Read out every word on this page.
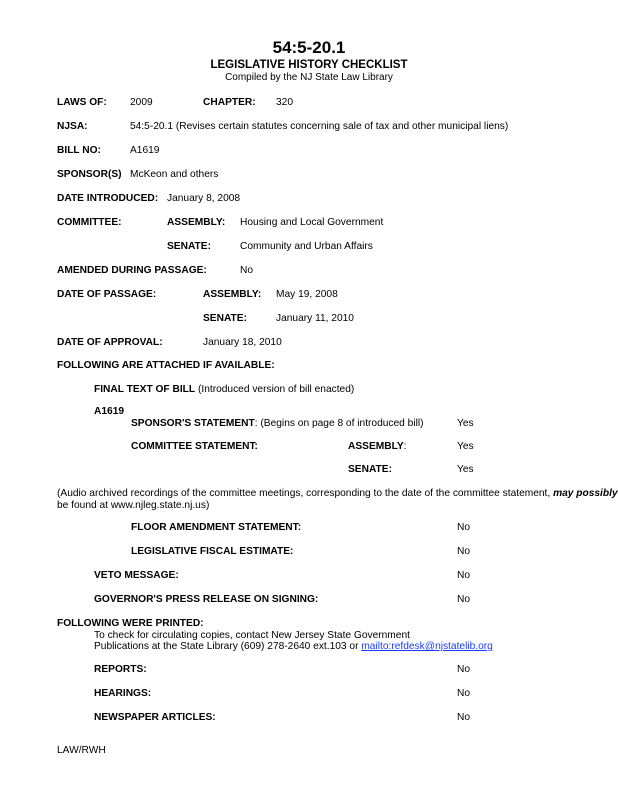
54:5-20.1
LEGISLATIVE HISTORY CHECKLIST
Compiled by the NJ State Law Library
LAWS OF: 2009	CHAPTER: 320
NJSA:	54:5-20.1 (Revises certain statutes concerning sale of tax and other municipal liens)
BILL NO:	A1619
SPONSOR(S) McKeon and others
DATE INTRODUCED: January 8, 2008
COMMITTEE:	ASSEMBLY: Housing and Local Government
SENATE:	Community and Urban Affairs
AMENDED DURING PASSAGE:	No
DATE OF PASSAGE:	ASSEMBLY: May 19, 2008
SENATE:	January 11, 2010
DATE OF APPROVAL:	January 18, 2010
FOLLOWING ARE ATTACHED IF AVAILABLE:
FINAL TEXT OF BILL (Introduced version of bill enacted)
A1619
SPONSOR'S STATEMENT: (Begins on page 8 of introduced bill)	Yes
COMMITTEE STATEMENT:	ASSEMBLY:	Yes
SENATE:	Yes
(Audio archived recordings of the committee meetings, corresponding to the date of the committee statement, may possibly
be found at www.njleg.state.nj.us)
FLOOR AMENDMENT STATEMENT:	No
LEGISLATIVE FISCAL ESTIMATE:	No
VETO MESSAGE:	No
GOVERNOR'S PRESS RELEASE ON SIGNING:	No
FOLLOWING WERE PRINTED:
To check for circulating copies, contact New Jersey State Government
Publications at the State Library (609) 278-2640 ext.103 or mailto:refdesk@njstatelib.org
REPORTS:	No
HEARINGS:	No
NEWSPAPER ARTICLES:	No
LAW/RWH
